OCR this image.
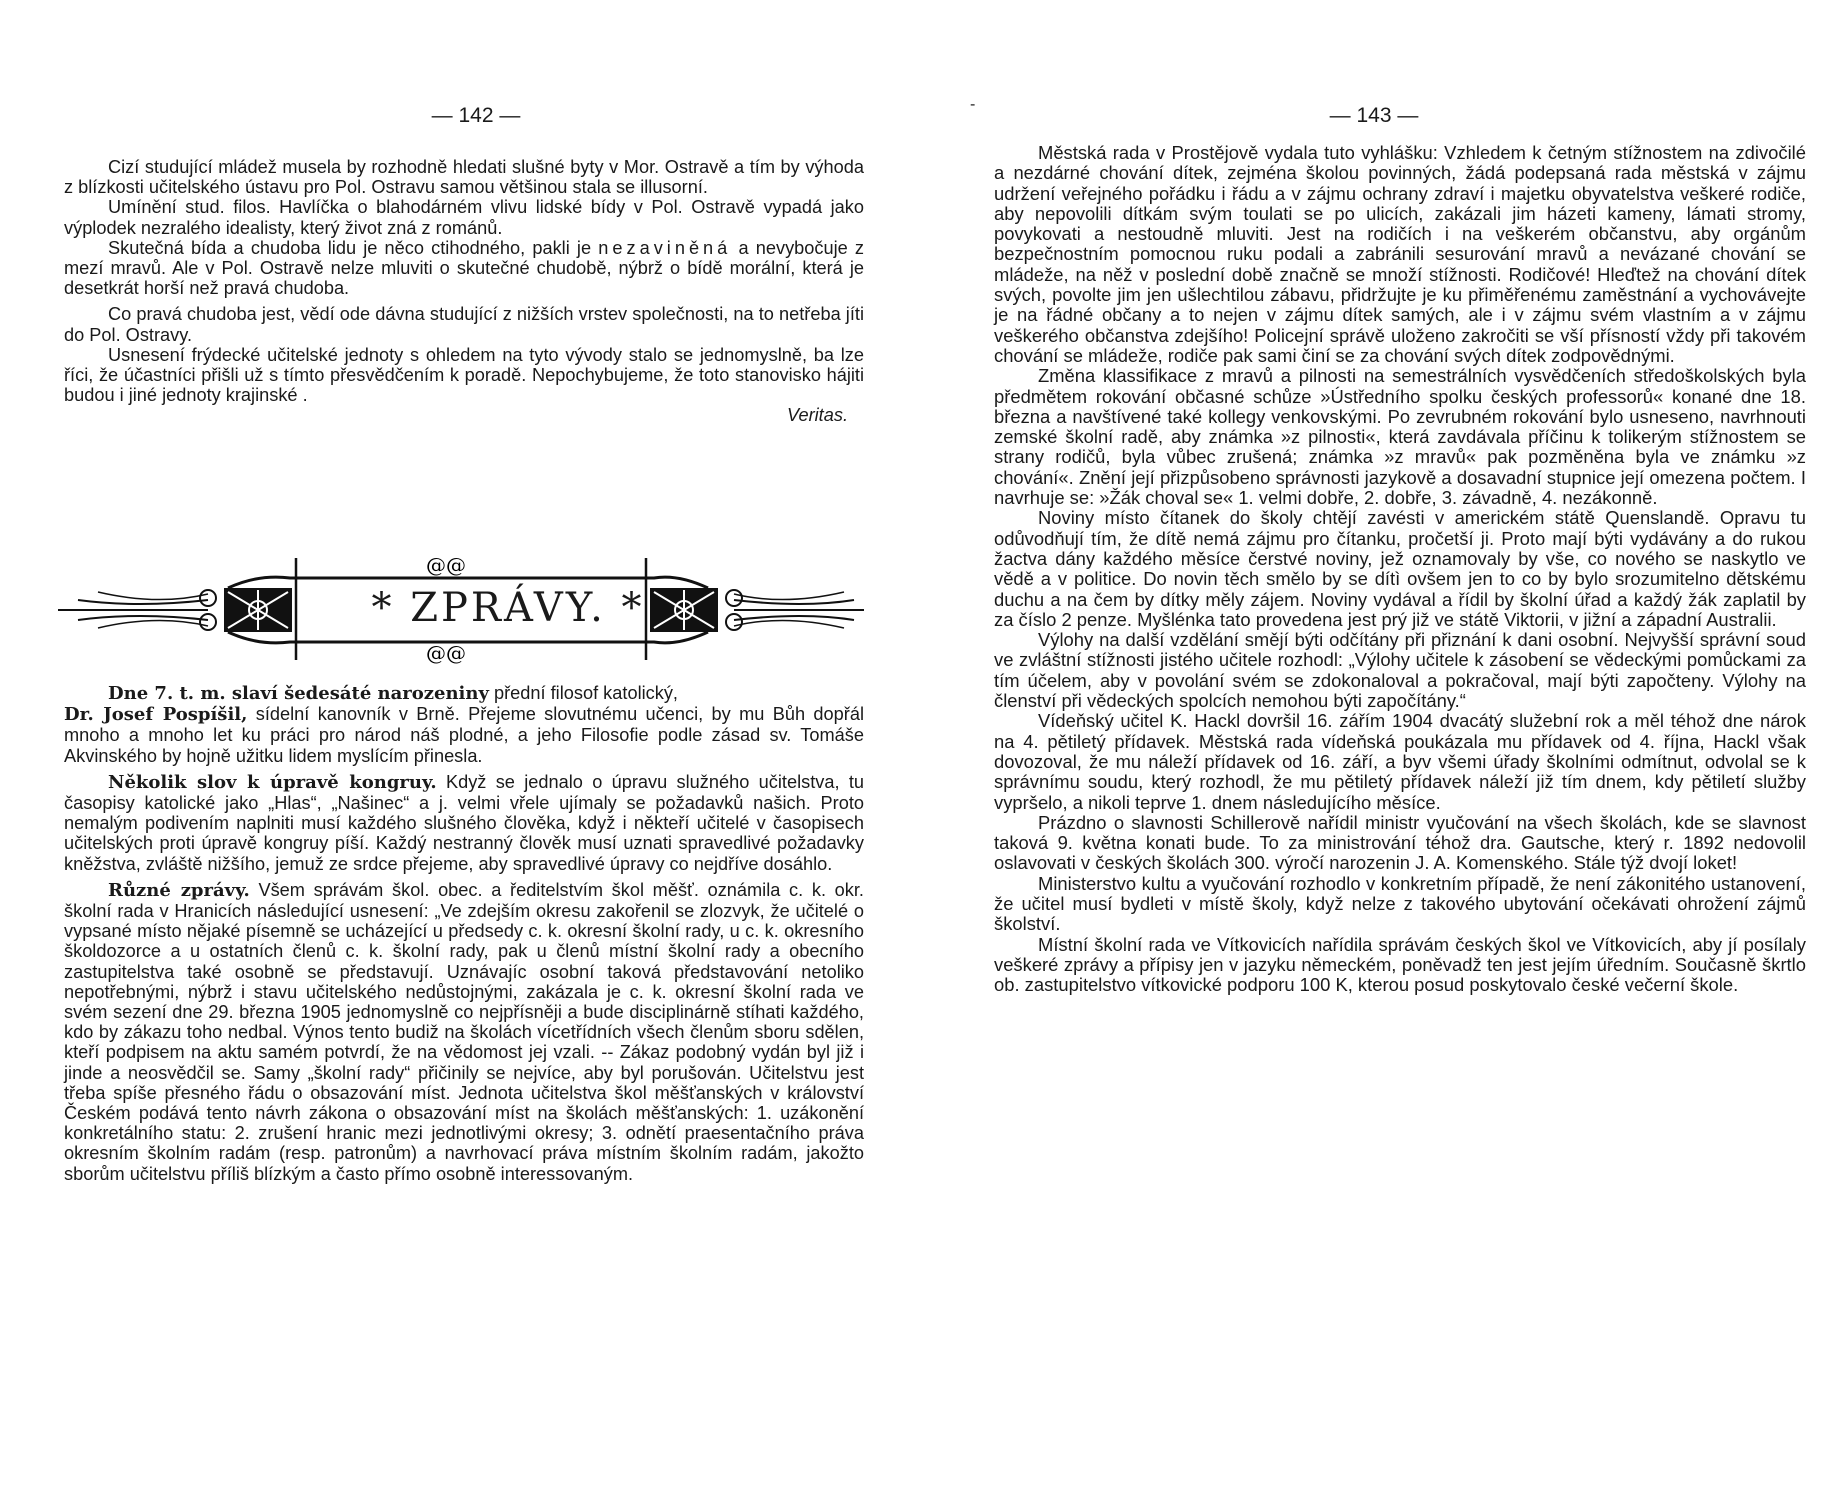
— 142 —

Cizí studující mládež musela by rozhodně hledati slušné byty v Mor. Ostravě a tím by výhoda z blízkosti učitelského ústavu pro Pol. Ostravu samou většinou stala se illusorní.

Umínění stud. filos. Havlíčka o blahodárném vlivu lidské bídy v Pol. Ostravě vypadá jako výplodek nezralého idealisty, který život zná z románů.

Skutečná bída a chudoba lidu je něco ctihodného, pakli je nezaviněná a nevybočuje z mezí mravů. Ale v Pol. Ostravě nelze mluviti o skutečné chudobě, nýbrž o bídě morální, která je desetkrát horší než pravá chudoba.

Co pravá chudoba jest, vědí ode dávna studující z nižších vrstev společnosti, na to netřeba jíti do Pol. Ostravy.

Usnesení frýdecké učitelské jednoty s ohledem na tyto vývody stalo se jednomyslně, ba lze říci, že účastníci přišli už s tímto přesvědčením k poradě. Nepochybujeme, že toto stanovisko hájiti budou i jiné jednoty krajinské .

Veritas.
@@
@@
* ZPRÁVY. *

Dne 7. t. m. slaví šedesáté narozeniny přední filosof katolický,
Dr. Josef Pospíšil, sídelní kanovník v Brně. Přejeme slovutnému učenci, by mu Bůh dopřál mnoho a mnoho let ku práci pro národ náš plodné, a jeho Filosofie podle zásad sv. Tomáše Akvinského by hojně užitku lidem myslícím přinesla.

Několik slov k úpravě kongruy. Když se jednalo o úpravu služného učitelstva, tu časopisy katolické jako „Hlas“, „Našinec“ a j. velmi vřele ujímaly se požadavků našich. Proto nemalým podivením naplniti musí každého slušného člověka, když i někteří učitelé v časopisech učitelských proti úpravě kongruy píší. Každý nestranný člověk musí uznati spravedlivé požadavky kněžstva, zvláště nižšího, jemuž ze srdce přejeme, aby spravedlivé úpravy co nejdříve dosáhlo.

Různé zprávy. Všem správám škol. obec. a ředitelstvím škol měšť. oznámila c. k. okr. školní rada v Hranicích následující usnesení: „Ve zdejším okresu zakořenil se zlozvyk, že učitelé o vypsané místo nějaké písemně se ucházející u předsedy c. k. okresní školní rady, u c. k. okresního školdozorce a u ostatních členů c. k. školní rady, pak u členů místní školní rady a obecního zastupitelstva také osobně se představují. Uznávajíc osobní taková představování netoliko nepotřebnými, nýbrž i stavu učitelského nedůstojnými, zakázala je c. k. okresní školní rada ve svém sezení dne 29. března 1905 jednomyslně co nejpřísněji a bude disciplinárně stíhati každého, kdo by zákazu toho nedbal. Výnos tento budiž na školách vícetřídních všech členům sboru sdělen, kteří podpisem na aktu samém potvrdí, že na vědomost jej vzali. -- Zákaz podobný vydán byl již i jinde a neosvědčil se. Samy „školní rady“ přičinily se nejvíce, aby byl porušován. Učitelstvu jest třeba spíše přesného řádu o obsazování míst. Jednota učitelstva škol měšťanských v království Českém podává tento návrh zákona o obsazování míst na školách měšťanských: 1. uzákonění konkretálního statu: 2. zrušení hranic mezi jednotlivými okresy; 3. odnětí praesentačního práva okresním školním radám (resp. patronům) a navrhovací práva místním školním radám, jakožto sborům učitelstvu příliš blízkým a často přímo osobně interessovaným.

-	— 143 —

Městská rada v Prostějově vydala tuto vyhlášku: Vzhledem k četným stížnostem na zdivočilé a nezdárné chování dítek, zejména školou povinných, žádá podepsaná rada městská v zájmu udržení veřejného pořádku i řádu a v zájmu ochrany zdraví i majetku obyvatelstva veškeré rodiče, aby nepovolili dítkám svým toulati se po ulicích, zakázali jim házeti kameny, lámati stromy, povykovati a nestoudně mluviti. Jest na rodičích i na veškerém občanstvu, aby orgánům bezpečnostním pomocnou ruku podali a zabránili sesurování mravů a nevázané chování se mládeže, na něž v poslední době značně se množí stížnosti. Rodičové! Hleďtež na chování dítek svých, povolte jim jen ušlechtilou zábavu, přidržujte je ku přiměřenému zaměstnání a vychovávejte je na řádné občany a to nejen v zájmu dítek samých, ale i v zájmu svém vlastním a v zájmu veškerého občanstva zdejšího! Policejní správě uloženo zakročiti se vší přísností vždy při takovém chování se mládeže, rodiče pak sami činí se za chování svých dítek zodpovědnými.

Změna klassifikace z mravů a pilnosti na semestrálních vysvědčeních středoškolských byla předmětem rokování občasné schůze »Ústředního spolku českých professorů« konané dne 18. března a navštívené také kollegy venkovskými. Po zevrubném rokování bylo usneseno, navrhnouti zemské školní radě, aby známka »z pilnosti«, která zavdávala příčinu k tolikerým stížnostem se strany rodičů, byla vůbec zrušená; známka »z mravů« pak pozměněna byla ve známku »z chování«. Znění její přizpůsobeno správnosti jazykově a dosavadní stupnice její omezena počtem. I navrhuje se: »Žák choval se« 1. velmi dobře, 2. dobře, 3. závadně, 4. nezákonně.

Noviny místo čítanek do školy chtějí zavésti v americkém státě Quenslandě. Opravu tu odůvodňují tím, že dítě nemá zájmu pro čítanku, pročetší ji. Proto mají býti vydávány a do rukou žactva dány každého měsíce čerstvé noviny, jež oznamovaly by vše, co nového se naskytlo ve vědě a v politice. Do novin těch smělo by se dítì ovšem jen to co by bylo srozumitelno dětskému duchu a na čem by dítky měly zájem. Noviny vydával a řídil by školní úřad a každý žák zaplatil by za číslo 2 penze. Myšlénka tato provedena jest prý již ve státě Viktorii, v jižní a západní Australii.

Výlohy na další vzdělání smějí býti odčítány při přiznání k dani osobní. Nejvyšší správní soud ve zvláštní stížnosti jistého učitele rozhodl: „Výlohy učitele k zásobení se vědeckými pomůckami za tím účelem, aby v povolání svém se zdokonaloval a pokračoval, mají býti započteny. Výlohy na členství při vědeckých spolcích nemohou býti započítány.“

Vídeňský učitel K. Hackl dovršil 16. zářím 1904 dvacátý služební rok a měl téhož dne nárok na 4. pětiletý přídavek. Městská rada vídeňská poukázala mu přídavek od 4. října, Hackl však dovozoval, že mu náleží přídavek od 16. září, a byv všemi úřady školními odmítnut, odvolal se k správnímu soudu, který rozhodl, že mu pětiletý přídavek náleží již tím dnem, kdy pětiletí služby vypršelo, a nikoli teprve 1. dnem následujícího měsíce.

Prázdno o slavnosti Schillerově nařídil ministr vyučování na všech školách, kde se slavnost taková 9. května konati bude. To za ministrování téhož dra. Gautsche, který r. 1892 nedovolil oslavovati v českých školách 300. výročí narozenin J. A. Komenského. Stále týž dvojí loket!

Ministerstvo kultu a vyučování rozhodlo v konkretním případě, že není zákonitého ustanovení, že učitel musí bydleti v místě školy, když nelze z takového ubytování očekávati ohrožení zájmů školství.

Místní školní rada ve Vítkovicích nařídila správám českých škol ve Vítkovicích, aby jí posílaly veškeré zprávy a přípisy jen v jazyku německém, poněvadž ten jest jejím úředním. Současně škrtlo ob. zastupitelstvo vítkovické podporu 100 K, kterou posud poskytovalo české večerní škole.
